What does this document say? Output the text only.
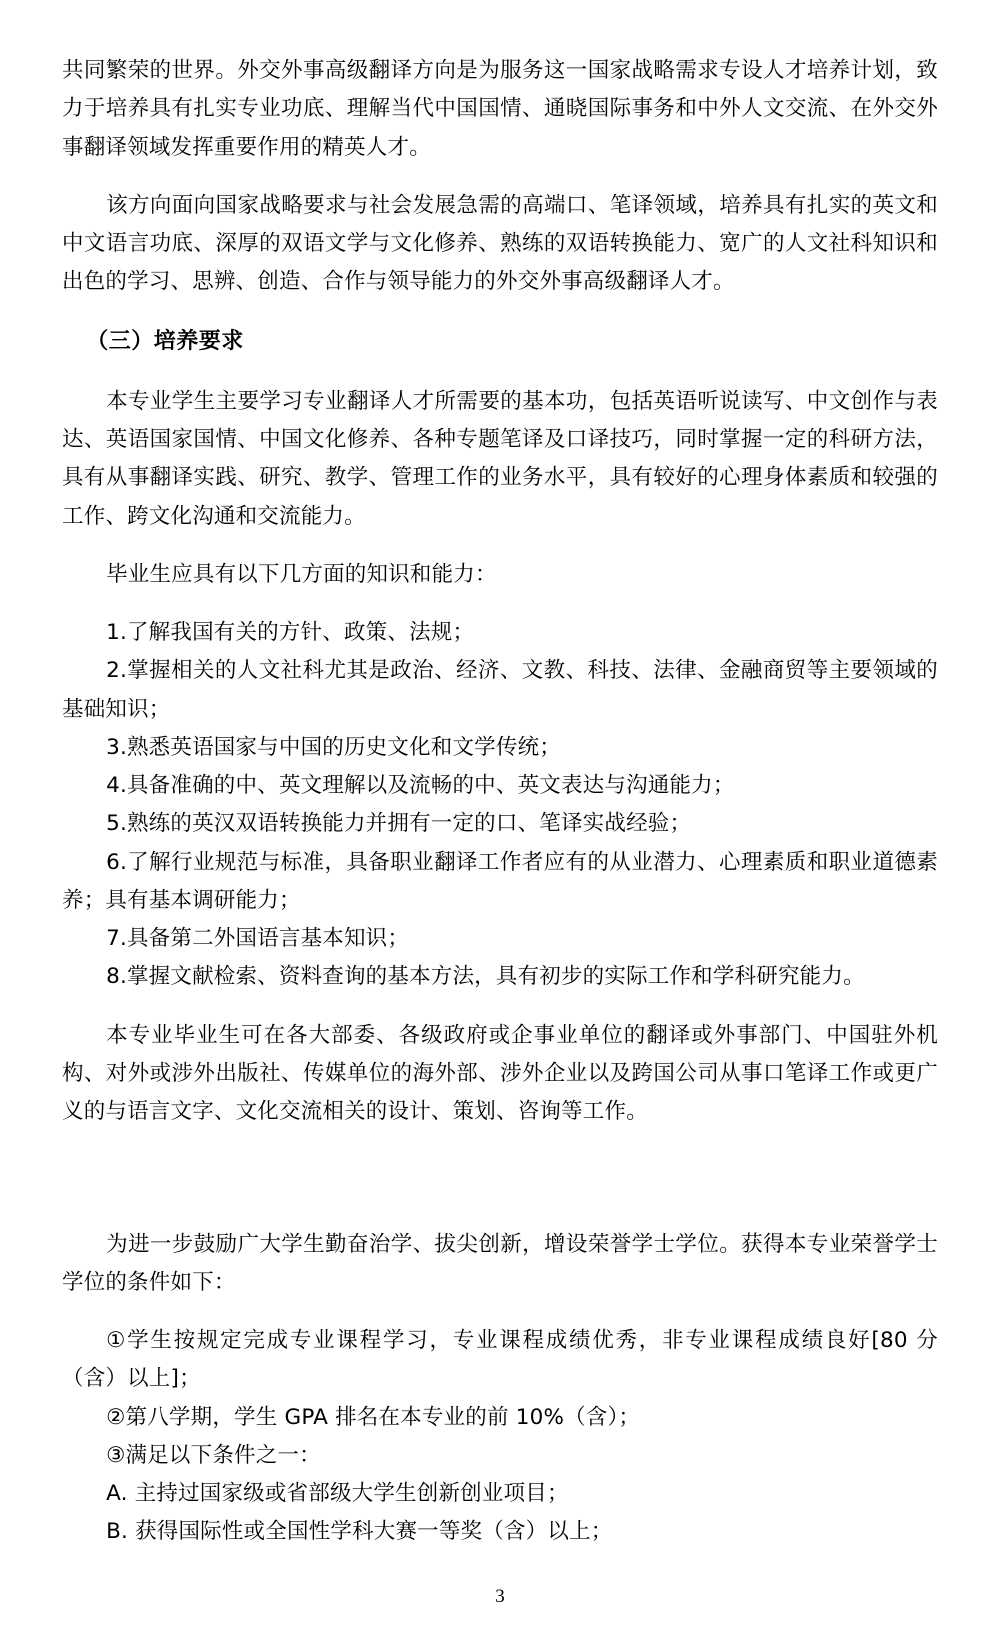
共同繁荣的世界。外交外事高级翻译方向是为服务这一国家战略需求专设人才培养计划，致力于培养具有扎实专业功底、理解当代中国国情、通晓国际事务和中外人文交流、在外交外事翻译领域发挥重要作用的精英人才。

该方向面向国家战略要求与社会发展急需的高端口、笔译领域，培养具有扎实的英文和中文语言功底、深厚的双语文学与文化修养、熟练的双语转换能力、宽广的人文社科知识和出色的学习、思辨、创造、合作与领导能力的外交外事高级翻译人才。

（三）培养要求

本专业学生主要学习专业翻译人才所需要的基本功，包括英语听说读写、中文创作与表达、英语国家国情、中国文化修养、各种专题笔译及口译技巧，同时掌握一定的科研方法，具有从事翻译实践、研究、教学、管理工作的业务水平，具有较好的心理身体素质和较强的工作、跨文化沟通和交流能力。

毕业生应具有以下几方面的知识和能力：

1.了解我国有关的方针、政策、法规；

2.掌握相关的人文社科尤其是政治、经济、文教、科技、法律、金融商贸等主要领域的基础知识；

3.熟悉英语国家与中国的历史文化和文学传统；

4.具备准确的中、英文理解以及流畅的中、英文表达与沟通能力；

5.熟练的英汉双语转换能力并拥有一定的口、笔译实战经验；

6.了解行业规范与标准，具备职业翻译工作者应有的从业潜力、心理素质和职业道德素养；具有基本调研能力；

7.具备第二外国语言基本知识；

8.掌握文献检索、资料查询的基本方法，具有初步的实际工作和学科研究能力。

本专业毕业生可在各大部委、各级政府或企事业单位的翻译或外事部门、中国驻外机构、对外或涉外出版社、传媒单位的海外部、涉外企业以及跨国公司从事口笔译工作或更广义的与语言文字、文化交流相关的设计、策划、咨询等工作。

为进一步鼓励广大学生勤奋治学、拔尖创新，增设荣誉学士学位。获得本专业荣誉学士学位的条件如下：

①学生按规定完成专业课程学习，专业课程成绩优秀，非专业课程成绩良好[80 分（含）以上]；

②第八学期，学生 GPA 排名在本专业的前 10%（含）；

③满足以下条件之一：

A. 主持过国家级或省部级大学生创新创业项目；

B. 获得国际性或全国性学科大赛一等奖（含）以上；

3
